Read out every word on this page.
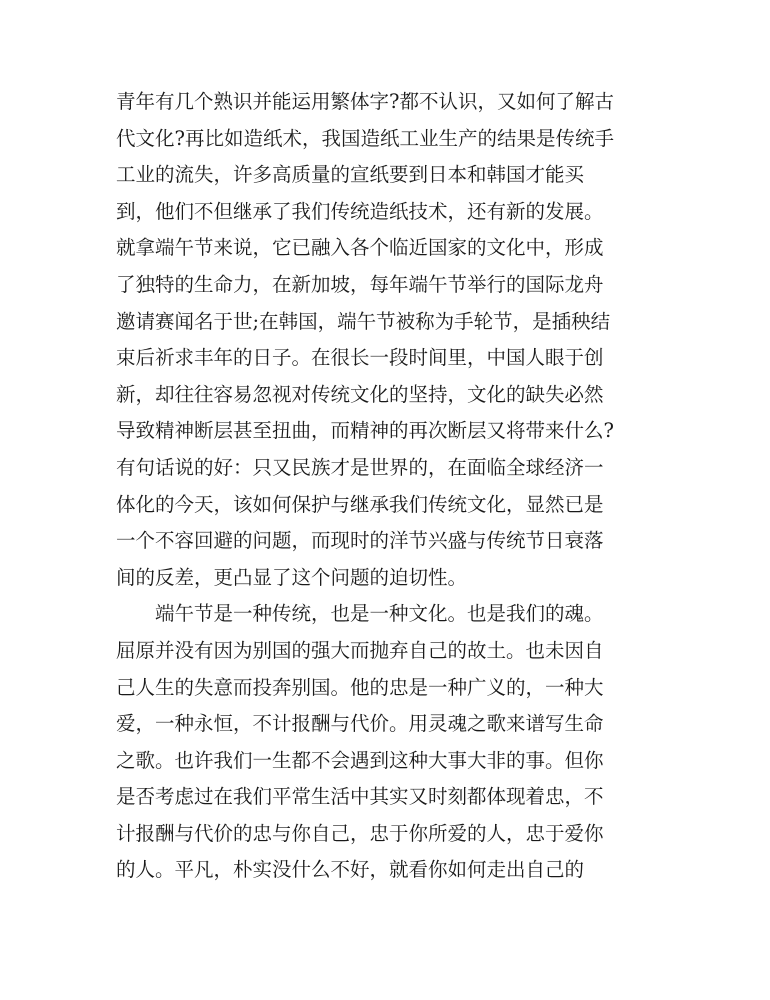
青年有几个熟识并能运用繁体字?都不认识，又如何了解古
代文化?再比如造纸术，我国造纸工业生产的结果是传统手
工业的流失，许多高质量的宣纸要到日本和韩国才能买
到，他们不但继承了我们传统造纸技术，还有新的发展。
就拿端午节来说，它已融入各个临近国家的文化中，形成
了独特的生命力，在新加坡，每年端午节举行的国际龙舟
邀请赛闻名于世;在韩国，端午节被称为手轮节，是插秧结
束后祈求丰年的日子。在很长一段时间里，中国人眼于创
新，却往往容易忽视对传统文化的坚持，文化的缺失必然
导致精神断层甚至扭曲，而精神的再次断层又将带来什么?
有句话说的好：只又民族才是世界的，在面临全球经济一
体化的今天，该如何保护与继承我们传统文化，显然已是
一个不容回避的问题，而现时的洋节兴盛与传统节日衰落
间的反差，更凸显了这个问题的迫切性。
端午节是一种传统，也是一种文化。也是我们的魂。
屈原并没有因为别国的强大而抛弃自己的故土。也未因自
己人生的失意而投奔别国。他的忠是一种广义的，一种大
爱，一种永恒，不计报酬与代价。用灵魂之歌来谱写生命
之歌。也许我们一生都不会遇到这种大事大非的事。但你
是否考虑过在我们平常生活中其实又时刻都体现着忠，不
计报酬与代价的忠与你自己，忠于你所爱的人，忠于爱你
的人。平凡，朴实没什么不好，就看你如何走出自己的
